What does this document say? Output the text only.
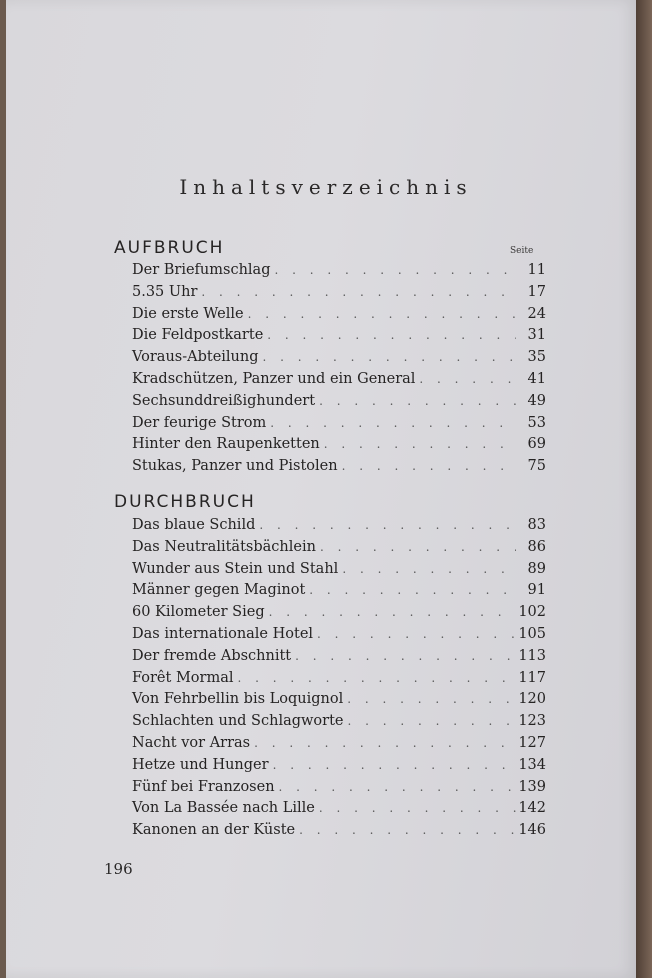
Inhaltsverzeichnis
AUFBRUCH	Seite
Der Briefumschlag . . .	11
5.35 Uhr . . .	17
Die erste Welle . . .	24
Die Feldpostkarte . . .	31
Voraus-Abteilung . . .	35
Kradschützen, Panzer und ein General . . .	41
Sechsunddreißighundert . . .	49
Der feurige Strom . . .	53
Hinter den Raupenketten . . .	69
Stukas, Panzer und Pistolen . . .	75
DURCHBRUCH
Das blaue Schild . . .	83
Das Neutralitätsbächlein . . .	86
Wunder aus Stein und Stahl . . .	89
Männer gegen Maginot . . .	91
60 Kilometer Sieg . . .	102
Das internationale Hotel . . .	105
Der fremde Abschnitt . . .	113
Forêt Mormal . . .	117
Von Fehrbellin bis Loquignol . . .	120
Schlachten und Schlagworte . . .	123
Nacht vor Arras . . .	127
Hetze und Hunger . . .	134
Fünf bei Franzosen . . .	139
Von La Bassée nach Lille . . .	142
Kanonen an der Küste . . .	146
196
